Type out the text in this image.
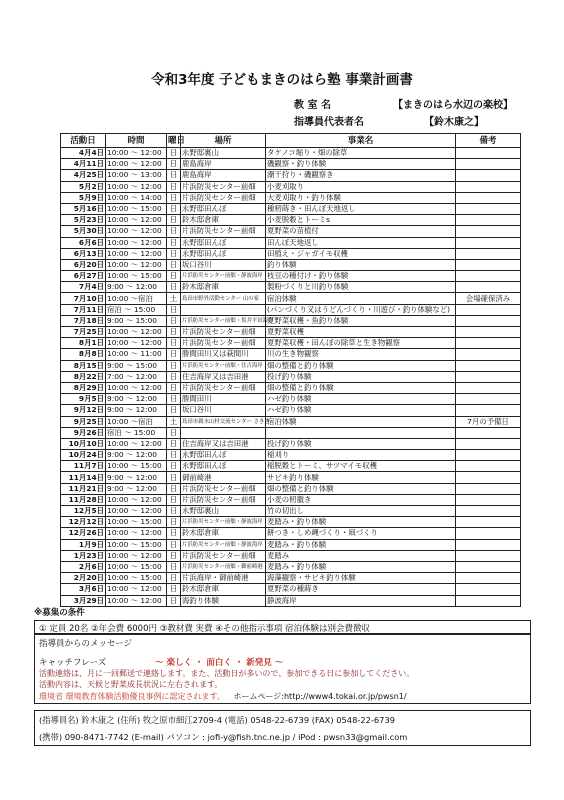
令和3年度 子どもまきのはら塾 事業計画書
教 室 名	【まきのはら水辺の楽校】
指導員代表者名	【鈴木康之】
活動日	時間	曜日	場所	事業名	備考
4月4日	10:00 ～ 12:00	日	永野邸裏山	タケノコ堀り・畑の除草	
4月11日	10:00 ～ 12:00	日	鹿島海岸	磯観察・釣り体験	
4月25日	10:00 ～ 13:00	日	鹿島海岸	潮干狩り・磯観察き	
5月2日	10:00 ～ 12:00	日	片浜防災センター前畑	小麦刈取り	
5月9日	10:00 ～ 14:00	日	片浜防災センター前畑	大麦刈取り・釣り体験	
5月16日	10:00 ～ 15:00	日	永野邸田んぼ	種籾蒔き・田んぼ天地返し	
5月23日	10:00 ～ 12:00	日	鈴木邸倉庫	小麦脱穀とトーミs	
5月30日	10:00 ～ 12:00	日	片浜防災センター前畑	夏野菜の苗植付	
6月6日	10:00 ～ 12:00	日	永野邸田んぼ	田んぼ天地返し	
6月13日	10:00 ～ 12:00	日	永野邸田んぼ	田植え・ジャガイモ収穫	
6月20日	10:00 ～ 12:00	日	坂口谷川	釣り体験	
6月27日	10:00 ～ 15:00	日	片浜防災センター前畑・静波海岸	枝豆の種付け・釣り体験	
7月4日	9:00 ～ 12:00	日	鈴木邸倉庫	製粉づくりと川釣り体験	
7月10日	10:00 ～宿泊	土	島田市野外活動センター 山の家	宿泊体験	会場確保済み
7月11日	宿泊 ～ 15:00	日		(パンづくり又はうどんづくり・川遊び・釣り体験など)	
7月18日	9:00 ～ 15:00	日	片浜防災センター前畑・坂井平田海岸	夏野菜収穫・魚釣り体験	
7月25日	10:00 ～ 12:00	日	片浜防災センター前畑	夏野菜収穫	
8月1日	10:00 ～ 12:00	日	片浜防災センター前畑	夏野菜収穫・田んぼの除草と生き物観察	
8月8日	10:00 ～ 11:00	日	勝間田川又は萩間川	川の生き物観察	
8月15日	9:00 ～ 15:00	日	片浜防災センター前畑・住吉海岸	畑の整備と釣り体験	
8月22日	7:00 ～ 12:00	日	住吉海岸又は吉田港	投げ釣り体験	
8月29日	10:00 ～ 12:00	日	片浜防災センター前畑	畑の整備と釣り体験	
9月5日	9:00 ～ 12:00	日	勝間田川	ハゼ釣り体験	
9月12日	9:00 ～ 12:00	日	坂口谷川	ハゼ釣り体験	
9月25日	10:00 ～宿泊	土	島田市親水山村交流センター さきき	宿泊体験	7月の予備日
9月26日	宿泊 ～ 15:00	日			
10月10日	10:00 ～ 12:00	日	住吉海岸又は吉田港	投げ釣り体験	
10月24日	9:00 ～ 12:00	日	永野邸田んぼ	稲刈り	
11月7日	10:00 ～ 15:00	日	永野邸田んぼ	稲脱穀とトーミ、サツマイモ収穫	
11月14日	9:00 ～ 12:00	日	御前崎港	サビキ釣り体験	
11月21日	9:00 ～ 12:00	日	片浜防災センター前畑	畑の整備と釣り体験	
11月28日	10:00 ～ 12:00	日	片浜防災センター前畑	小麦の籾撒き	
12月5日	10:00 ～ 12:00	日	永野邸裏山	竹の切出し	
12月12日	10:00 ～ 15:00	日	片浜防災センター前畑・静波海岸	麦踏み・釣り体験	
12月26日	10:00 ～ 12:00	日	鈴木邸倉庫	餅つき・しめ縄づくり・凧づくり	
1月9日	10:00 ～ 15:00	日	片浜防災センター前畑・静波海岸	麦踏み・釣り体験	
1月23日	10:00 ～ 12:00	日	片浜防災センター前畑	麦踏み	
2月6日	10:00 ～ 15:00	日	片浜防災センター前畑・御前崎港	麦踏み・釣り体験	
2月20日	10:00 ～ 15:00	日	片浜海岸・御前崎港	海藻観察・サビキ釣り体験	
3月6日	10:00 ～ 12:00	日	鈴木邸倉庫	夏野菜の種蒔き	
3月29日	10:00 ～ 12:00	日	海釣り体験	静波海岸	
※募集の条件
① 定員 20名 ②年会費 6000円 ③教材費 実費 ④その他指示事項 宿泊体験は別会費徴収
指導員からのメッセージ
キャッチフレーズ	～ 楽しく ・ 面白く ・ 新発見 ～
活動連絡は、月に一回郵送で連絡します。また、活動日が多いので、参加できる日に参加してください。
活動内容は、天候と野菜成長状況に左右されます。
環境省 環境教育体験活動優良事例に認定されます。 ホームページ:http://www4.tokai.or.jp/pwsn1/
(指導員名) 鈴木康之 (住所) 牧之原市細江2709-4 (電話) 0548-22-6739 (FAX) 0548-22-6739
(携帯) 090-8471-7742 (E-mail) パソコン : jofi-y@fish.tnc.ne.jp / iPod : pwsn33@gmail.com
